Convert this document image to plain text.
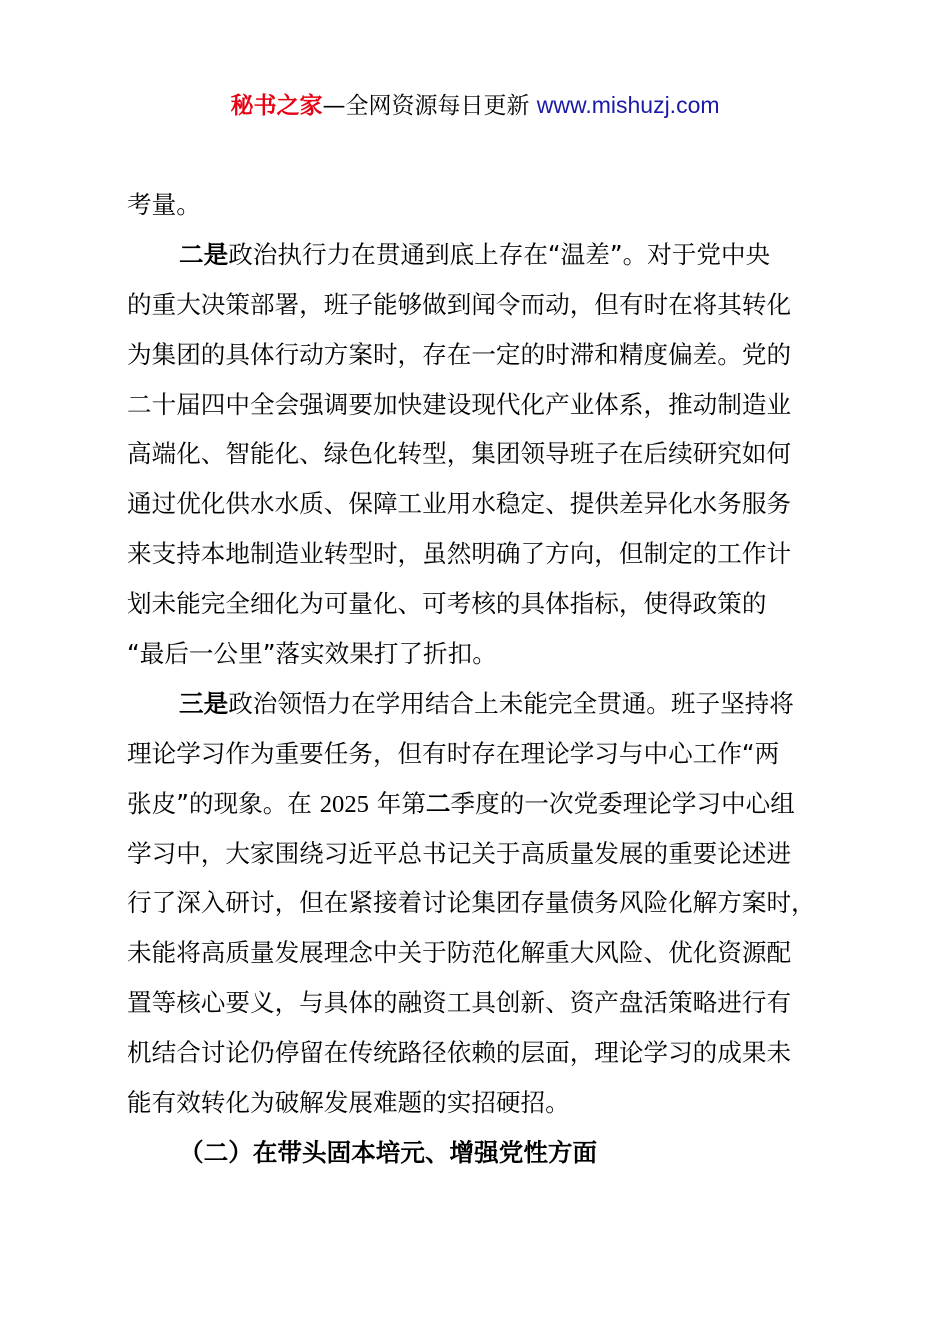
秘书之家—全网资源每日更新 www.mishuzj.com
考量。
二是政治执行力在贯通到底上存在“温差”。对于党中央
的重大决策部署，班子能够做到闻令而动，但有时在将其转化
为集团的具体行动方案时，存在一定的时滞和精度偏差。党的
二十届四中全会强调要加快建设现代化产业体系，推动制造业
高端化、智能化、绿色化转型，集团领导班子在后续研究如何
通过优化供水水质、保障工业用水稳定、提供差异化水务服务
来支持本地制造业转型时，虽然明确了方向，但制定的工作计
划未能完全细化为可量化、可考核的具体指标，使得政策的
“最后一公里”落实效果打了折扣。
三是政治领悟力在学用结合上未能完全贯通。班子坚持将
理论学习作为重要任务，但有时存在理论学习与中心工作“两
张皮”的现象。在 2025 年第二季度的一次党委理论学习中心组
学习中，大家围绕习近平总书记关于高质量发展的重要论述进
行了深入研讨，但在紧接着讨论集团存量债务风险化解方案时，
未能将高质量发展理念中关于防范化解重大风险、优化资源配
置等核心要义，与具体的融资工具创新、资产盘活策略进行有
机结合讨论仍停留在传统路径依赖的层面，理论学习的成果未
能有效转化为破解发展难题的实招硬招。
（二）在带头固本培元、增强党性方面
